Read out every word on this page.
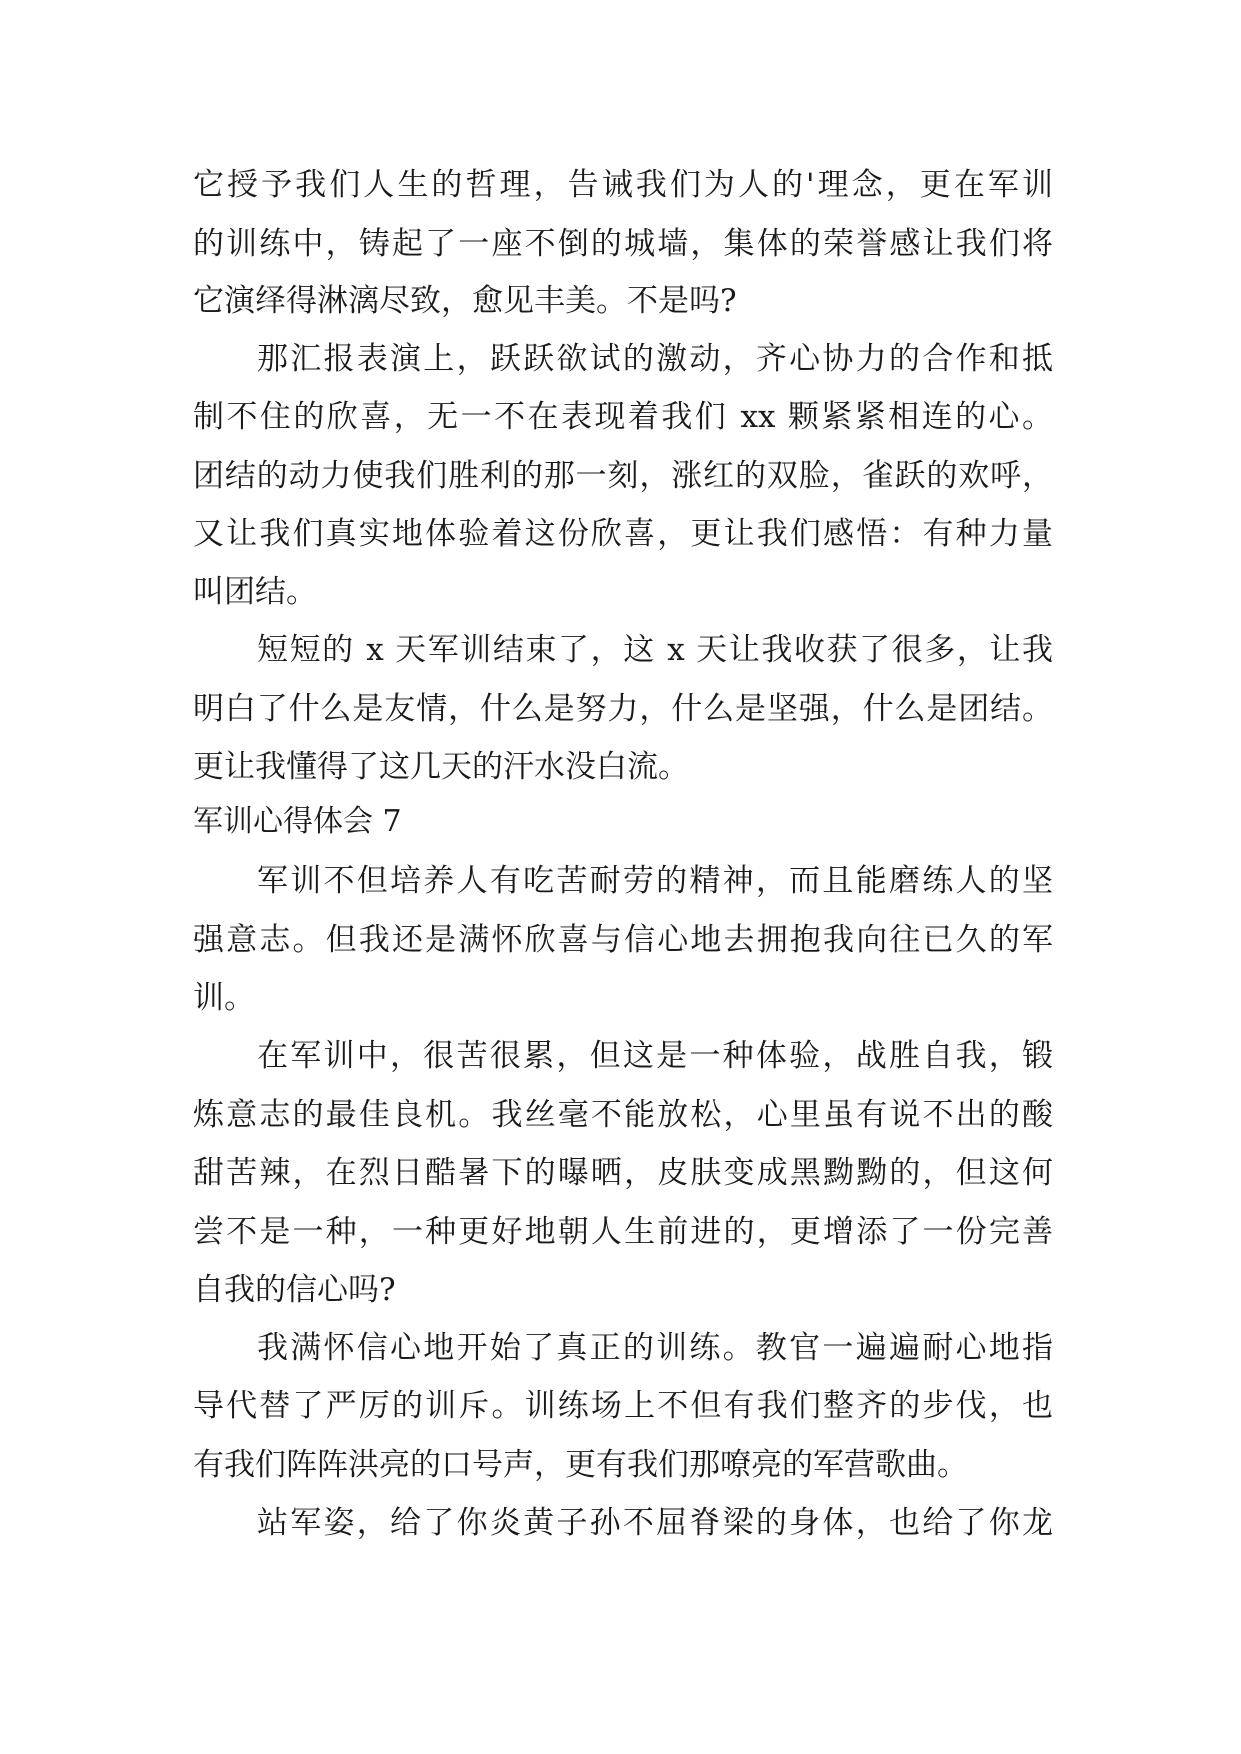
它授予我们人生的哲理，告诫我们为人的'理念，更在军训
的训练中，铸起了一座不倒的城墙，集体的荣誉感让我们将
它演绎得淋漓尽致，愈见丰美。不是吗?
那汇报表演上，跃跃欲试的激动，齐心协力的合作和抵
制不住的欣喜，无一不在表现着我们 xx 颗紧紧相连的心。
团结的动力使我们胜利的那一刻，涨红的双脸，雀跃的欢呼，
又让我们真实地体验着这份欣喜，更让我们感悟：有种力量
叫团结。
短短的 x 天军训结束了，这 x 天让我收获了很多，让我
明白了什么是友情，什么是努力，什么是坚强，什么是团结。
更让我懂得了这几天的汗水没白流。
军训心得体会 7
军训不但培养人有吃苦耐劳的精神，而且能磨练人的坚
强意志。但我还是满怀欣喜与信心地去拥抱我向往已久的军
训。
在军训中，很苦很累，但这是一种体验，战胜自我，锻
炼意志的最佳良机。我丝毫不能放松，心里虽有说不出的酸
甜苦辣，在烈日酷暑下的曝晒，皮肤变成黑黝黝的，但这何
尝不是一种，一种更好地朝人生前进的，更增添了一份完善
自我的信心吗?
我满怀信心地开始了真正的训练。教官一遍遍耐心地指
导代替了严厉的训斥。训练场上不但有我们整齐的步伐，也
有我们阵阵洪亮的口号声，更有我们那嘹亮的军营歌曲。
站军姿，给了你炎黄子孙不屈脊梁的身体，也给了你龙
